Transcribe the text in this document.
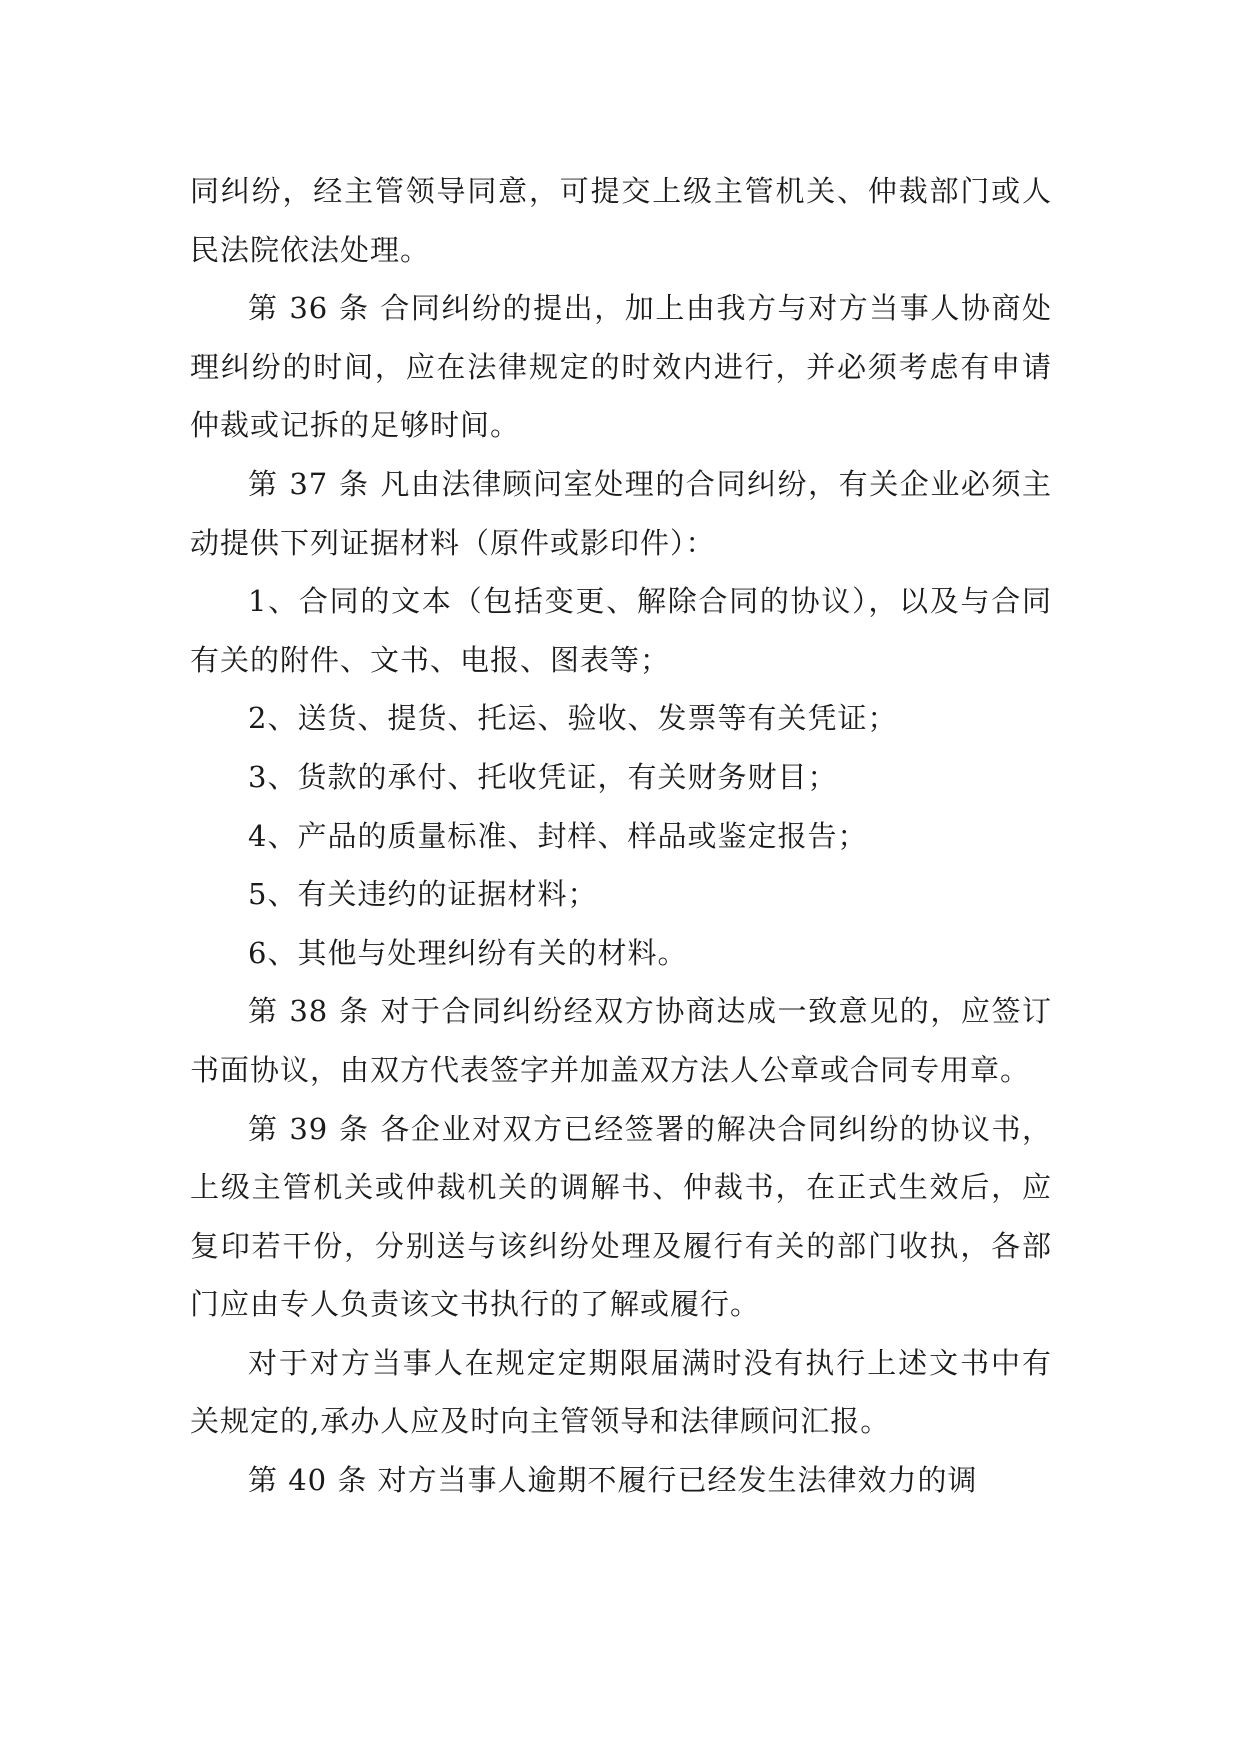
同纠纷，经主管领导同意，可提交上级主管机关、仲裁部门或人民法院依法处理。

第 36 条 合同纠纷的提出，加上由我方与对方当事人协商处理纠纷的时间，应在法律规定的时效内进行，并必须考虑有申请仲裁或记拆的足够时间。

第 37 条 凡由法律顾问室处理的合同纠纷，有关企业必须主动提供下列证据材料（原件或影印件）：

1、合同的文本（包括变更、解除合同的协议），以及与合同有关的附件、文书、电报、图表等；

2、送货、提货、托运、验收、发票等有关凭证；

3、货款的承付、托收凭证，有关财务财目；

4、产品的质量标准、封样、样品或鉴定报告；

5、有关违约的证据材料；

6、其他与处理纠纷有关的材料。

第 38 条 对于合同纠纷经双方协商达成一致意见的，应签订书面协议，由双方代表签字并加盖双方法人公章或合同专用章。

第 39 条 各企业对双方已经签署的解决合同纠纷的协议书，上级主管机关或仲裁机关的调解书、仲裁书，在正式生效后，应复印若干份，分别送与该纠纷处理及履行有关的部门收执，各部门应由专人负责该文书执行的了解或履行。

对于对方当事人在规定定期限届满时没有执行上述文书中有关规定的,承办人应及时向主管领导和法律顾问汇报。

第 40 条 对方当事人逾期不履行已经发生法律效力的调
